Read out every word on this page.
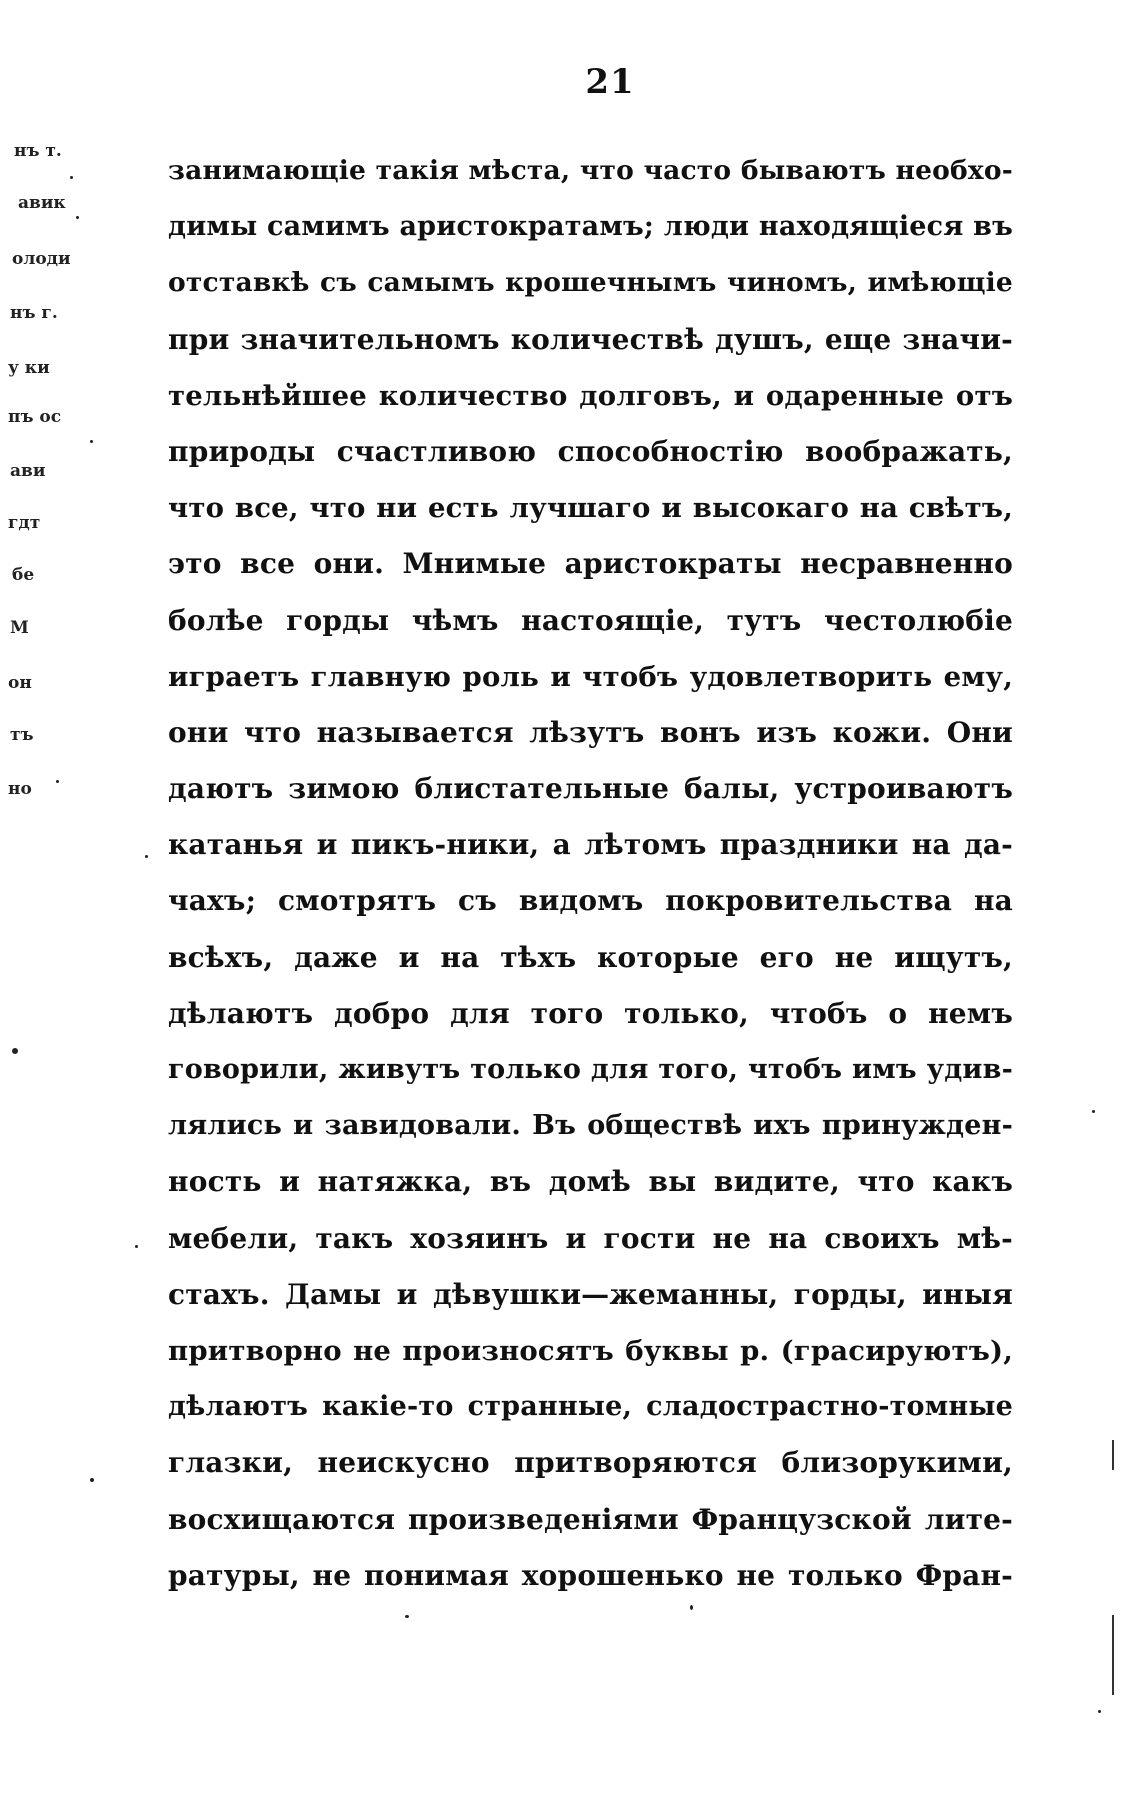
21
нъ т.
авик
олоди
нъ г.
у ки
пъ ос
ави
гдт
бе
М
он
тъ
но
занимающіе такія мѣста, что часто бываютъ необхо-
димы самимъ аристократамъ; люди находящіеся въ
отставкѣ съ самымъ крошечнымъ чиномъ, имѣющіе
при значительномъ количествѣ душъ, еще значи-
тельнѣйшее количество долговъ, и одаренные отъ
природы счастливою способностію воображать,
что все, что ни есть лучшаго и высокаго на свѣтъ,
это все они. Мнимые аристократы несравненно
болѣе горды чѣмъ настоящіе, тутъ честолюбіе
играетъ главную роль и чтобъ удовлетворить ему,
они что называется лѣзутъ вонъ изъ кожи. Они
даютъ зимою блистательные балы, устроиваютъ
катанья и пикъ-ники, а лѣтомъ праздники на да-
чахъ; смотрятъ съ видомъ покровительства на
всѣхъ, даже и на тѣхъ которые его не ищутъ,
дѣлаютъ добро для того только, чтобъ о немъ
говорили, живутъ только для того, чтобъ имъ удив-
лялись и завидовали. Въ обществѣ ихъ принужден-
ность и натяжка, въ домѣ вы видите, что какъ
мебели, такъ хозяинъ и гости не на своихъ мѣ-
стахъ. Дамы и дѣвушки—жеманны, горды, иныя
притворно не произносятъ буквы р. (грасируютъ),
дѣлаютъ какіе-то странные, сладострастно-томные
глазки, неискусно притворяются близорукими,
восхищаются произведеніями Французской лите-
ратуры, не понимая хорошенько не только Фран-
